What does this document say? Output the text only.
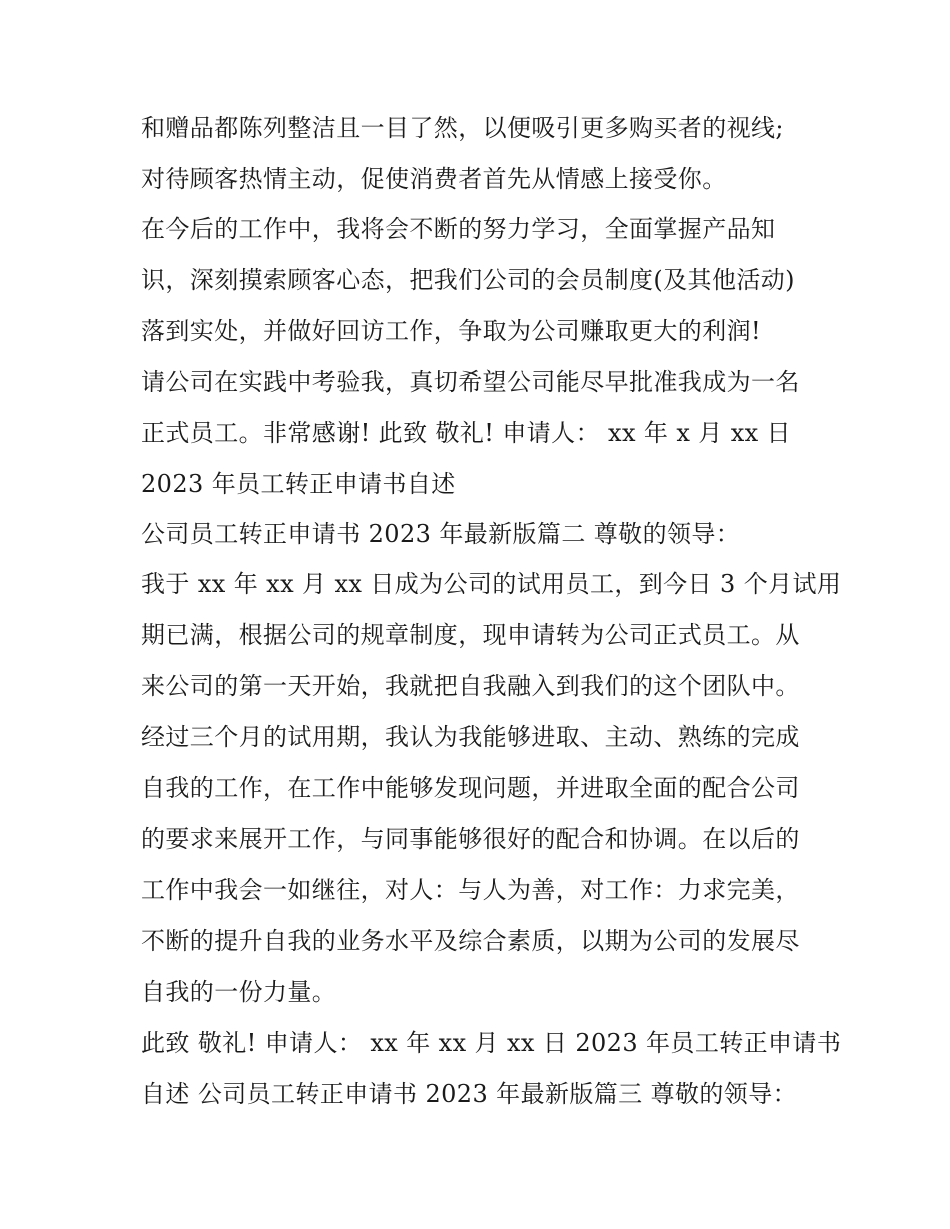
和赠品都陈列整洁且一目了然，以便吸引更多购买者的视线;
对待顾客热情主动，促使消费者首先从情感上接受你。
在今后的工作中，我将会不断的努力学习，全面掌握产品知
识，深刻摸索顾客心态，把我们公司的会员制度(及其他活动)
落到实处，并做好回访工作，争取为公司赚取更大的利润!
请公司在实践中考验我，真切希望公司能尽早批准我成为一名
正式员工。非常感谢! 此致 敬礼! 申请人： xx 年 x 月 xx 日
2023 年员工转正申请书自述
公司员工转正申请书 2023 年最新版篇二 尊敬的领导：
我于 xx 年 xx 月 xx 日成为公司的试用员工，到今日 3 个月试用
期已满，根据公司的规章制度，现申请转为公司正式员工。从
来公司的第一天开始，我就把自我融入到我们的这个团队中。
经过三个月的试用期，我认为我能够进取、主动、熟练的完成
自我的工作，在工作中能够发现问题，并进取全面的配合公司
的要求来展开工作，与同事能够很好的配合和协调。在以后的
工作中我会一如继往，对人：与人为善，对工作：力求完美，
不断的提升自我的业务水平及综合素质，以期为公司的发展尽
自我的一份力量。
此致 敬礼! 申请人： xx 年 xx 月 xx 日 2023 年员工转正申请书
自述 公司员工转正申请书 2023 年最新版篇三 尊敬的领导：
